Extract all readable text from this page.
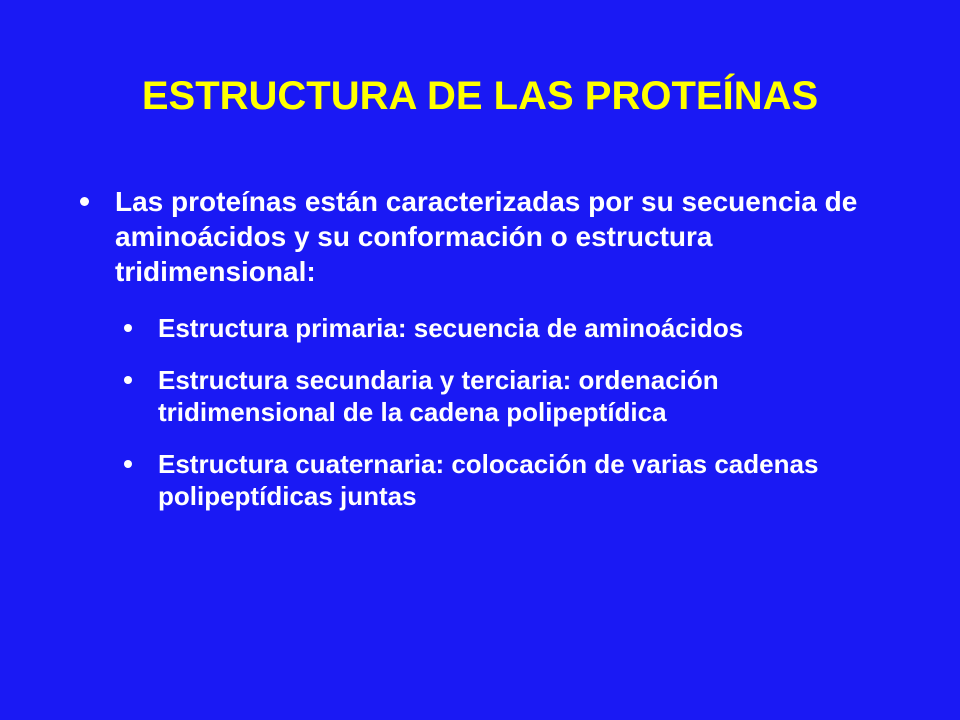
ESTRUCTURA DE LAS PROTEÍNAS
Las proteínas están caracterizadas por su secuencia de aminoácidos y su conformación o estructura tridimensional:
Estructura primaria: secuencia de aminoácidos
Estructura secundaria y terciaria: ordenación tridimensional de la cadena polipeptídica
Estructura cuaternaria: colocación de varias cadenas polipeptídicas juntas
